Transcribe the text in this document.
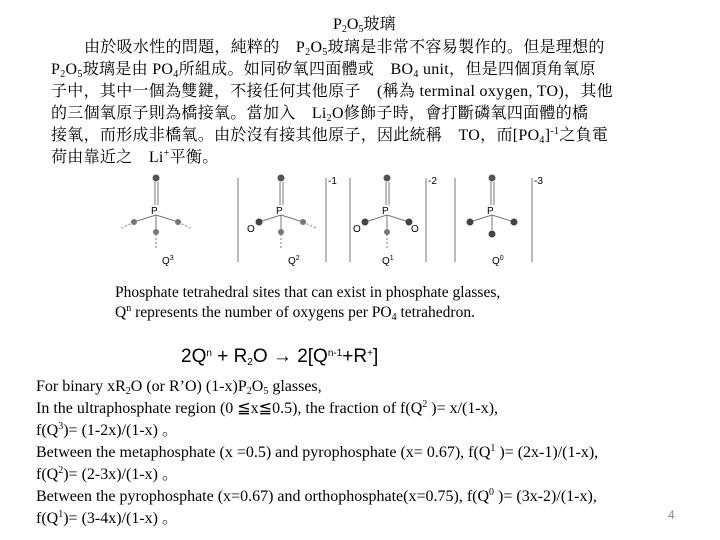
$P_2O_5$玻璃
由於吸水性的問題，純粹的　 $P_2O_5$玻璃是非常不容易製作的。但是理想的
$P_2O_5$玻璃是由 $PO_4$所組成。如同矽氧四面體或　 $BO_4$ unit，但是四個頂角氧原
子中，其中一個為雙鍵，不接任何其他原子　(稱為 terminal oxygen, TO)，其他
的三個氧原子則為橋接氧。當加入　 $Li_2O$修飾子時，會打斷磷氧四面體的橋
接氧，而形成非橋氧。由於沒有接其他原子，因此統稱　TO，而$[PO_4]^{-1}$之負電
荷由靠近之　 Li+平衡。
P
$Q^3$
P
O
-1
$Q^2$
P
O	O
-2
$Q^1$
P
-3
$Q^0$
Phosphate tetrahedral sites that can exist in phosphate glasses,
$Q^n$ represents the number of oxygens per $PO_4$ tetrahedron.
$2Q^n + R_2O \to 2[Q^{n-1}+R^+]$
For binary $xR_2O$ (or R’O) $(1-x)P_2O_5$ glasses,
In the ultraphosphate region (0 ≦x≦0.5), the fraction of $f(Q^2$ )= x/(1-x),
$f(Q^3)= (1-2x)/(1-x)$ 。
Between the metaphosphate (x =0.5) and pyrophosphate (x= 0.67), $f(Q^1$ )= (2x-1)/(1-x),
$f(Q^2)= (2-3x)/(1-x)$ 。
Between the pyrophosphate (x=0.67) and orthophosphate(x=0.75), $f(Q^0$ )= (3x-2)/(1-x),
$f(Q^1)= (3-4x)/(1-x)$ 。	4
